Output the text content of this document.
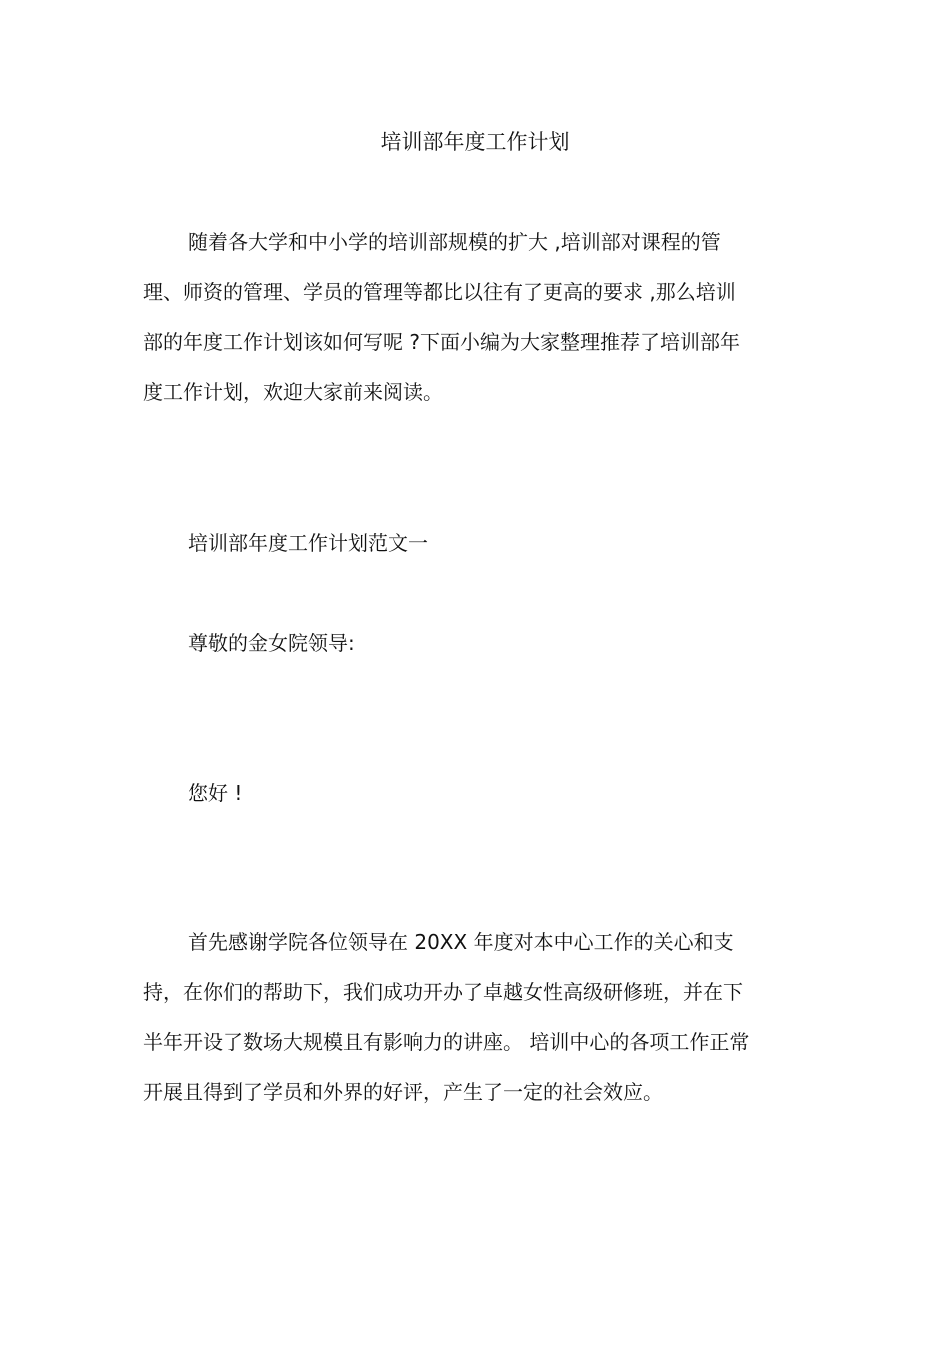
培训部年度工作计划
随着各大学和中小学的培训部规模的扩大 ,培训部对课程的管
理、师资的管理、学员的管理等都比以往有了更高的要求 ,那么培训
部的年度工作计划该如何写呢 ?下面小编为大家整理推荐了培训部年
度工作计划，欢迎大家前来阅读。
培训部年度工作计划范文一
尊敬的金女院领导:
您好 !
首先感谢学院各位领导在 20XX 年度对本中心工作的关心和支
持，在你们的帮助下，我们成功开办了卓越女性高级研修班，并在下
半年开设了数场大规模且有影响力的讲座。 培训中心的各项工作正常
开展且得到了学员和外界的好评，产生了一定的社会效应。
